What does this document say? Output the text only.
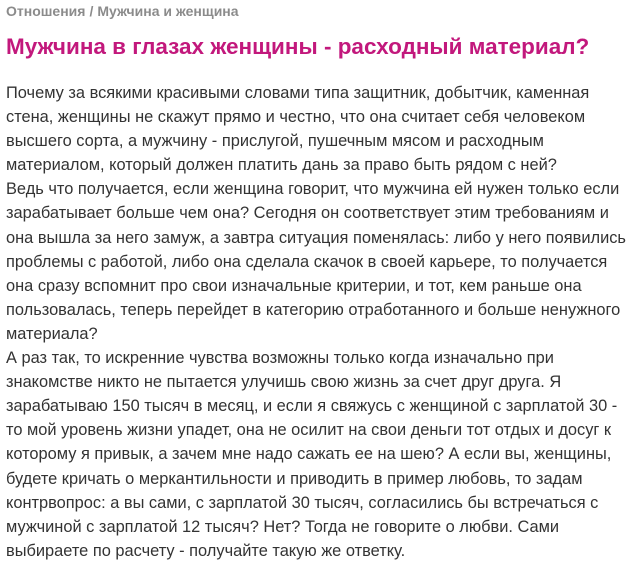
Отношения / Мужчина и женщина
Мужчина в глазах женщины - расходный материал?

Почему за всякими красивыми словами типа защитник, добытчик, каменная стена, женщины не скажут прямо и честно, что она считает себя человеком высшего сорта, а мужчину - прислугой, пушечным мясом и расходным материалом, который должен платить дань за право быть рядом с ней?

Ведь что получается, если женщина говорит, что мужчина ей нужен только если зарабатывает больше чем она? Сегодня он соответствует этим требованиям и она вышла за него замуж, а завтра ситуация поменялась: либо у него появились проблемы с работой, либо она сделала скачок в своей карьере, то получается она сразу вспомнит про свои изначальные критерии, и тот, кем раньше она пользовалась, теперь перейдет в категорию отработанного и больше ненужного материала?

А раз так, то искренние чувства возможны только когда изначально при знакомстве никто не пытается улучишь свою жизнь за счет друг друга. Я зарабатываю 150 тысяч в месяц, и если я свяжусь с женщиной с зарплатой 30 - то мой уровень жизни упадет, она не осилит на свои деньги тот отдых и досуг к которому я привык, а зачем мне надо сажать ее на шею? А если вы, женщины, будете кричать о меркантильности и приводить в пример любовь, то задам контрвопрос: а вы сами, с зарплатой 30 тысяч, согласились бы встречаться с мужчиной с зарплатой 12 тысяч? Нет? Тогда не говорите о любви. Сами выбираете по расчету - получайте такую же ответку.
